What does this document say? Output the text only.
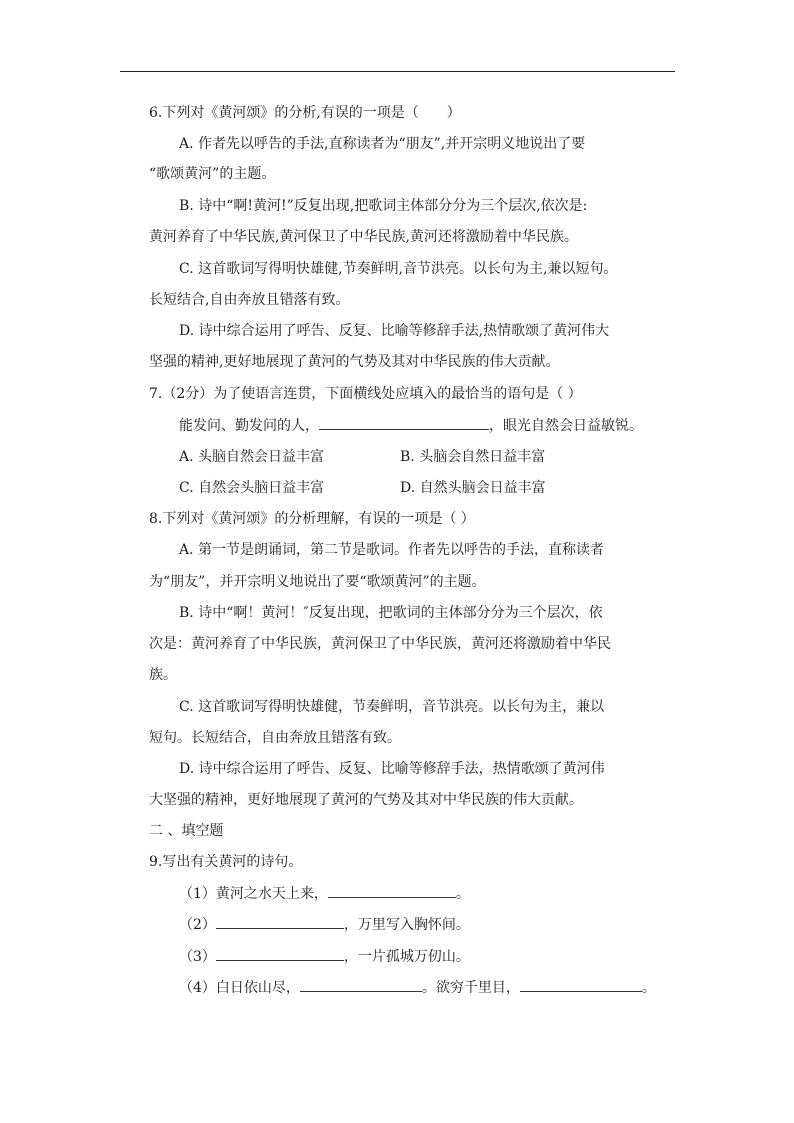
6.下列对《黄河颂》的分析,有误的一项是（　　）
A. 作者先以呼告的手法,直称读者为“朋友”,并开宗明义地说出了要
“歌颂黄河”的主题。
B. 诗中“啊!黄河!”反复出现,把歌词主体部分分为三个层次,依次是:
黄河养育了中华民族,黄河保卫了中华民族,黄河还将激励着中华民族。
C. 这首歌词写得明快雄健,节奏鲜明,音节洪亮。以长句为主,兼以短句。
长短结合,自由奔放且错落有致。
D. 诗中综合运用了呼告、反复、比喻等修辞手法,热情歌颂了黄河伟大
坚强的精神,更好地展现了黄河的气势及其对中华民族的伟大贡献。
7.（2分）为了使语言连贯，下面横线处应填入的最恰当的语句是（ ）
能发问、勤发问的人，	，眼光自然会日益敏锐。
A. 头脑自然会日益丰富	B. 头脑会自然日益丰富
C. 自然会头脑日益丰富	D. 自然头脑会日益丰富
8.下列对《黄河颂》的分析理解，有误的一项是（ ）
A. 第一节是朗诵词，第二节是歌词。作者先以呼告的手法，直称读者
为“朋友”，并开宗明义地说出了要“歌颂黄河”的主题。
B. 诗中“啊！黄河！″反复出现，把歌词的主体部分分为三个层次，依
次是：黄河养育了中华民族，黄河保卫了中华民族，黄河还将激励着中华民
族。
C. 这首歌词写得明快雄健，节奏鲜明，音节洪亮。以长句为主，兼以
短句。长短结合，自由奔放且错落有致。
D. 诗中综合运用了呼告、反复、比喻等修辞手法，热情歌颂了黄河伟
大坚强的精神，更好地展现了黄河的气势及其对中华民族的伟大贡献。
二 、填空题
9.写出有关黄河的诗句。
（1）黄河之水天上来，	。
（2）	，万里写入胸怀间。
（3）	，一片孤城万仞山。
（4）白日依山尽，	。欲穷千里目，	。
